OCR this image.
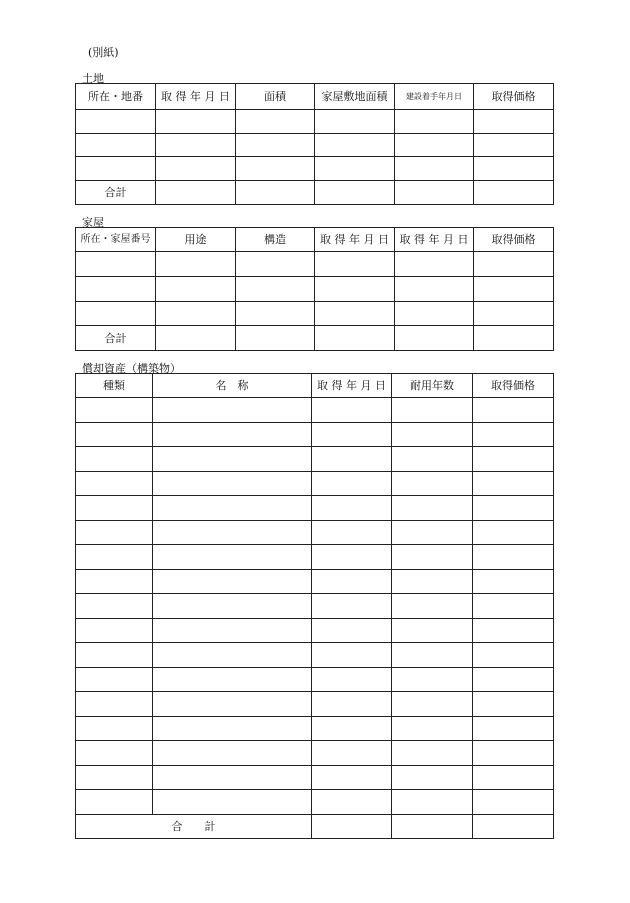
(別紙)
土地
所在・地番	取 得 年 月 日	面積	家屋敷地面積	建設着手年月日	取得価格

合計					
家屋
所在・家屋番号	用途	構造	取 得 年 月 日	取 得 年 月 日	取得価格

合計					
償却資産（構築物）
種類	名　称	取 得 年 月 日	耐用年数	取得価格

合　　計				
